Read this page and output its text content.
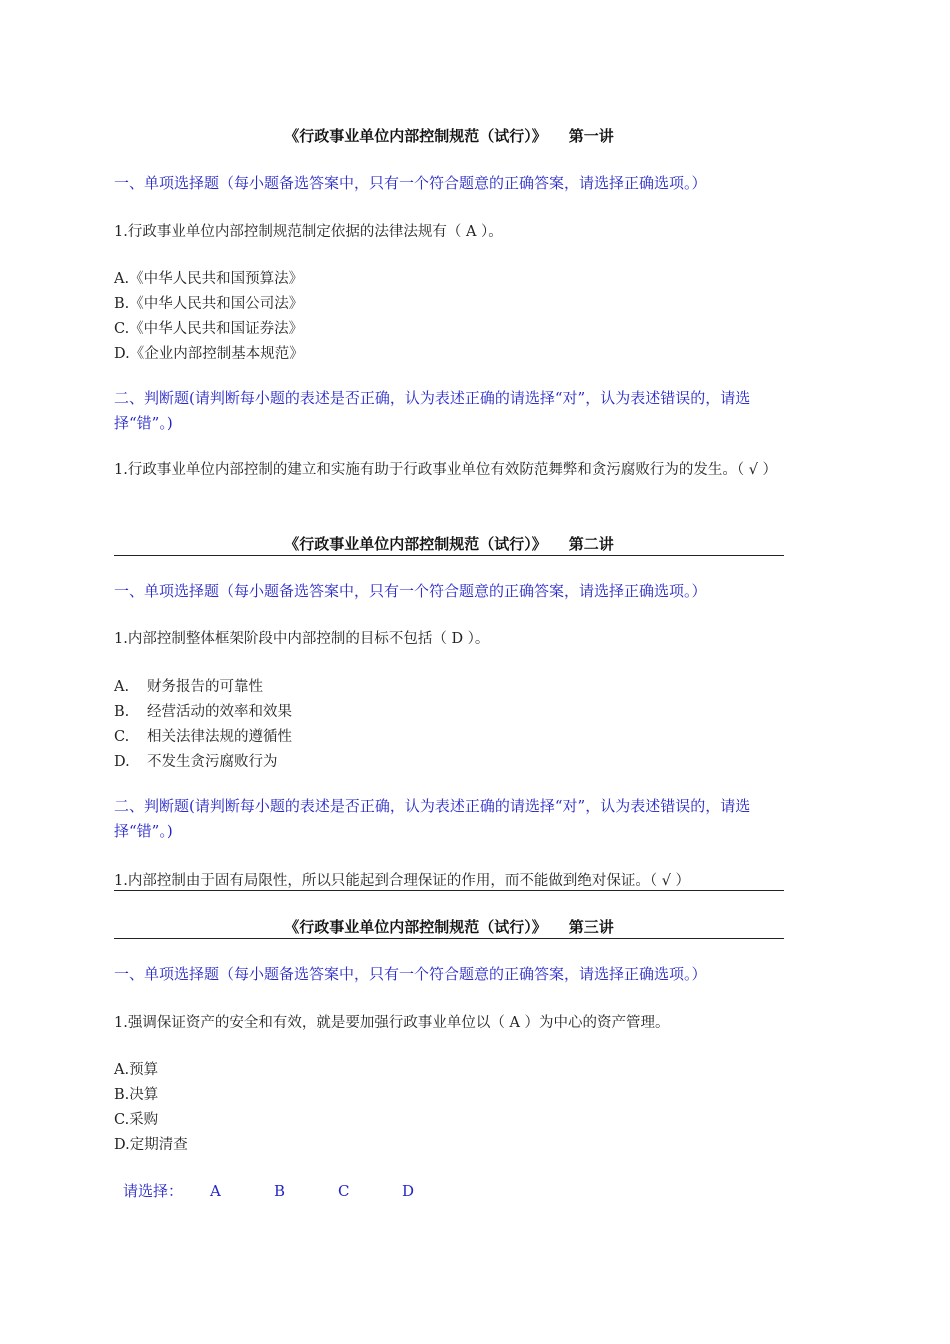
《行政事业单位内部控制规范（试行）》 第一讲
一、单项选择题（每小题备选答案中，只有一个符合题意的正确答案，请选择正确选项。）
1.行政事业单位内部控制规范制定依据的法律法规有（ A ）。
A.《中华人民共和国预算法》
B.《中华人民共和国公司法》
C.《中华人民共和国证券法》
D.《企业内部控制基本规范》
二、判断题(请判断每小题的表述是否正确，认为表述正确的请选择“对”，认为表述错误的，请选择“错”。)
1.行政事业单位内部控制的建立和实施有助于行政事业单位有效防范舞弊和贪污腐败行为的发生。（ √ ）
《行政事业单位内部控制规范（试行）》 第二讲
一、单项选择题（每小题备选答案中，只有一个符合题意的正确答案，请选择正确选项。）
1.内部控制整体框架阶段中内部控制的目标不包括（ D ）。
A. 财务报告的可靠性
B. 经营活动的效率和效果
C. 相关法律法规的遵循性
D. 不发生贪污腐败行为
二、判断题(请判断每小题的表述是否正确，认为表述正确的请选择“对”，认为表述错误的，请选择“错”。)
1.内部控制由于固有局限性，所以只能起到合理保证的作用，而不能做到绝对保证。（ √ ）
《行政事业单位内部控制规范（试行）》 第三讲
一、单项选择题（每小题备选答案中，只有一个符合题意的正确答案，请选择正确选项。）
1.强调保证资产的安全和有效，就是要加强行政事业单位以（ A ）为中心的资产管理。
A.预算
B.决算
C.采购
D.定期清查
请选择： A	B	C	D
